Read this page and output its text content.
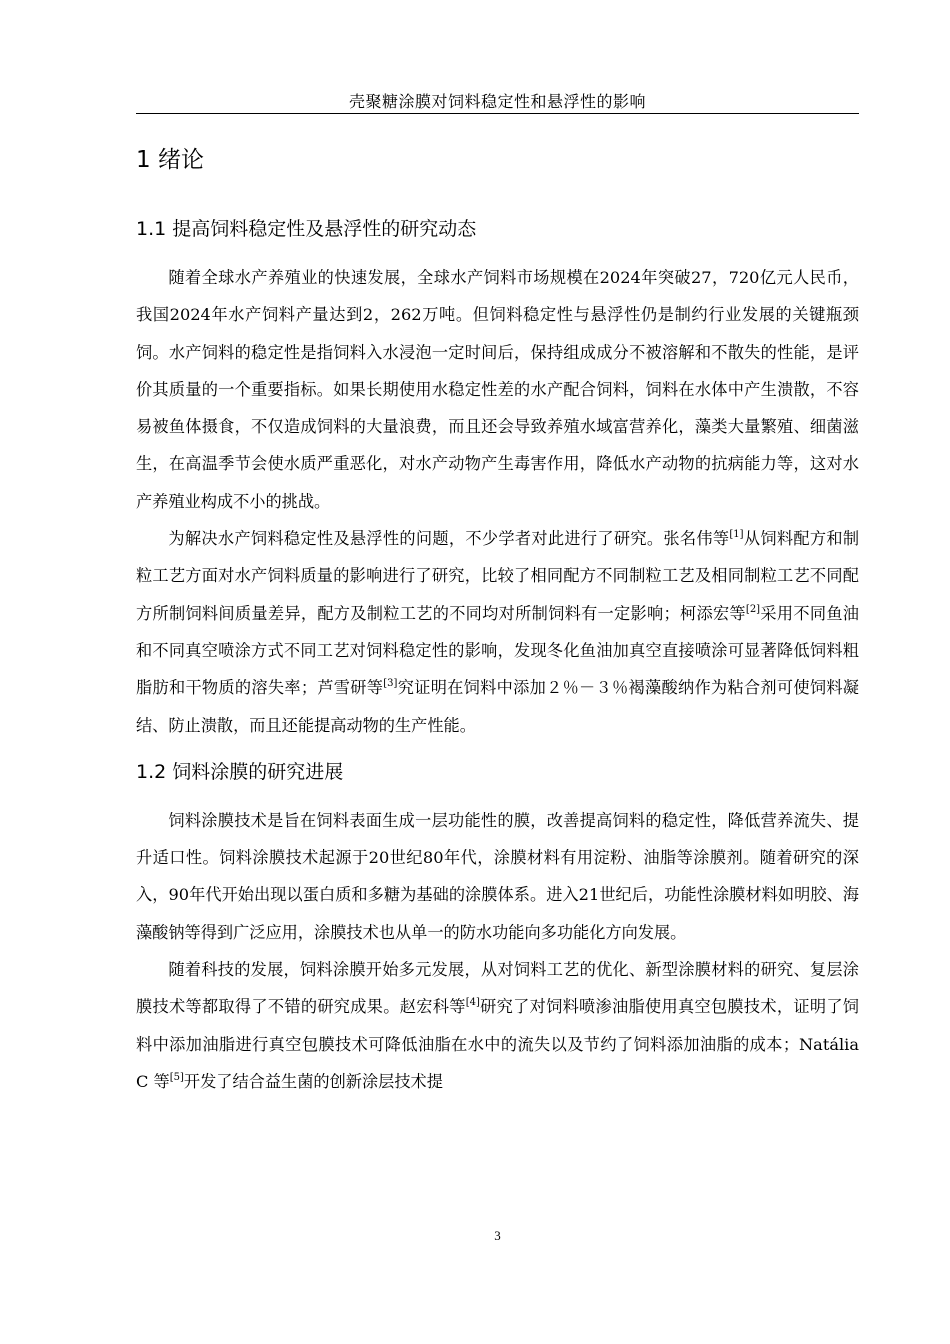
壳聚糖涂膜对饲料稳定性和悬浮性的影响
1 绪论
1.1 提高饲料稳定性及悬浮性的研究动态

随着全球水产养殖业的快速发展，全球水产饲料市场规模在2024年突破27，720亿元人民币，我国2024年水产饲料产量达到2，262万吨。但饲料稳定性与悬浮性仍是制约行业发展的关键瓶颈饲。水产饲料的稳定性是指饲料入水浸泡一定时间后，保持组成成分不被溶解和不散失的性能，是评价其质量的一个重要指标。如果长期使用水稳定性差的水产配合饲料，饲料在水体中产生溃散，不容易被鱼体摄食，不仅造成饲料的大量浪费，而且还会导致养殖水域富营养化，藻类大量繁殖、细菌滋生，在高温季节会使水质严重恶化，对水产动物产生毒害作用，降低水产动物的抗病能力等，这对水产养殖业构成不小的挑战。

为解决水产饲料稳定性及悬浮性的问题，不少学者对此进行了研究。张名伟等[1]从饲料配方和制粒工艺方面对水产饲料质量的影响进行了研究，比较了相同配方不同制粒工艺及相同制粒工艺不同配方所制饲料间质量差异，配方及制粒工艺的不同均对所制饲料有一定影响；柯添宏等[2]采用不同鱼油和不同真空喷涂方式不同工艺对饲料稳定性的影响，发现冬化鱼油加真空直接喷涂可显著降低饲料粗脂肪和干物质的溶失率；芦雪研等[3]究证明在饲料中添加２％－３％褐藻酸纳作为粘合剂可使饲料凝结、防止溃散，而且还能提高动物的生产性能。

1.2 饲料涂膜的研究进展

饲料涂膜技术是旨在饲料表面生成一层功能性的膜，改善提高饲料的稳定性，降低营养流失、提升适口性。饲料涂膜技术起源于20世纪80年代，涂膜材料有用淀粉、油脂等涂膜剂。随着研究的深入，90年代开始出现以蛋白质和多糖为基础的涂膜体系。进入21世纪后，功能性涂膜材料如明胶、海藻酸钠等得到广泛应用，涂膜技术也从单一的防水功能向多功能化方向发展。

随着科技的发展，饲料涂膜开始多元发展，从对饲料工艺的优化、新型涂膜材料的研究、复层涂膜技术等都取得了不错的研究成果。赵宏科等[4]研究了对饲料喷渗油脂使用真空包膜技术，证明了饲料中添加油脂进行真空包膜技术可降低油脂在水中的流失以及节约了饲料添加油脂的成本；Natália C 等[5]开发了结合益生菌的创新涂层技术提

3
